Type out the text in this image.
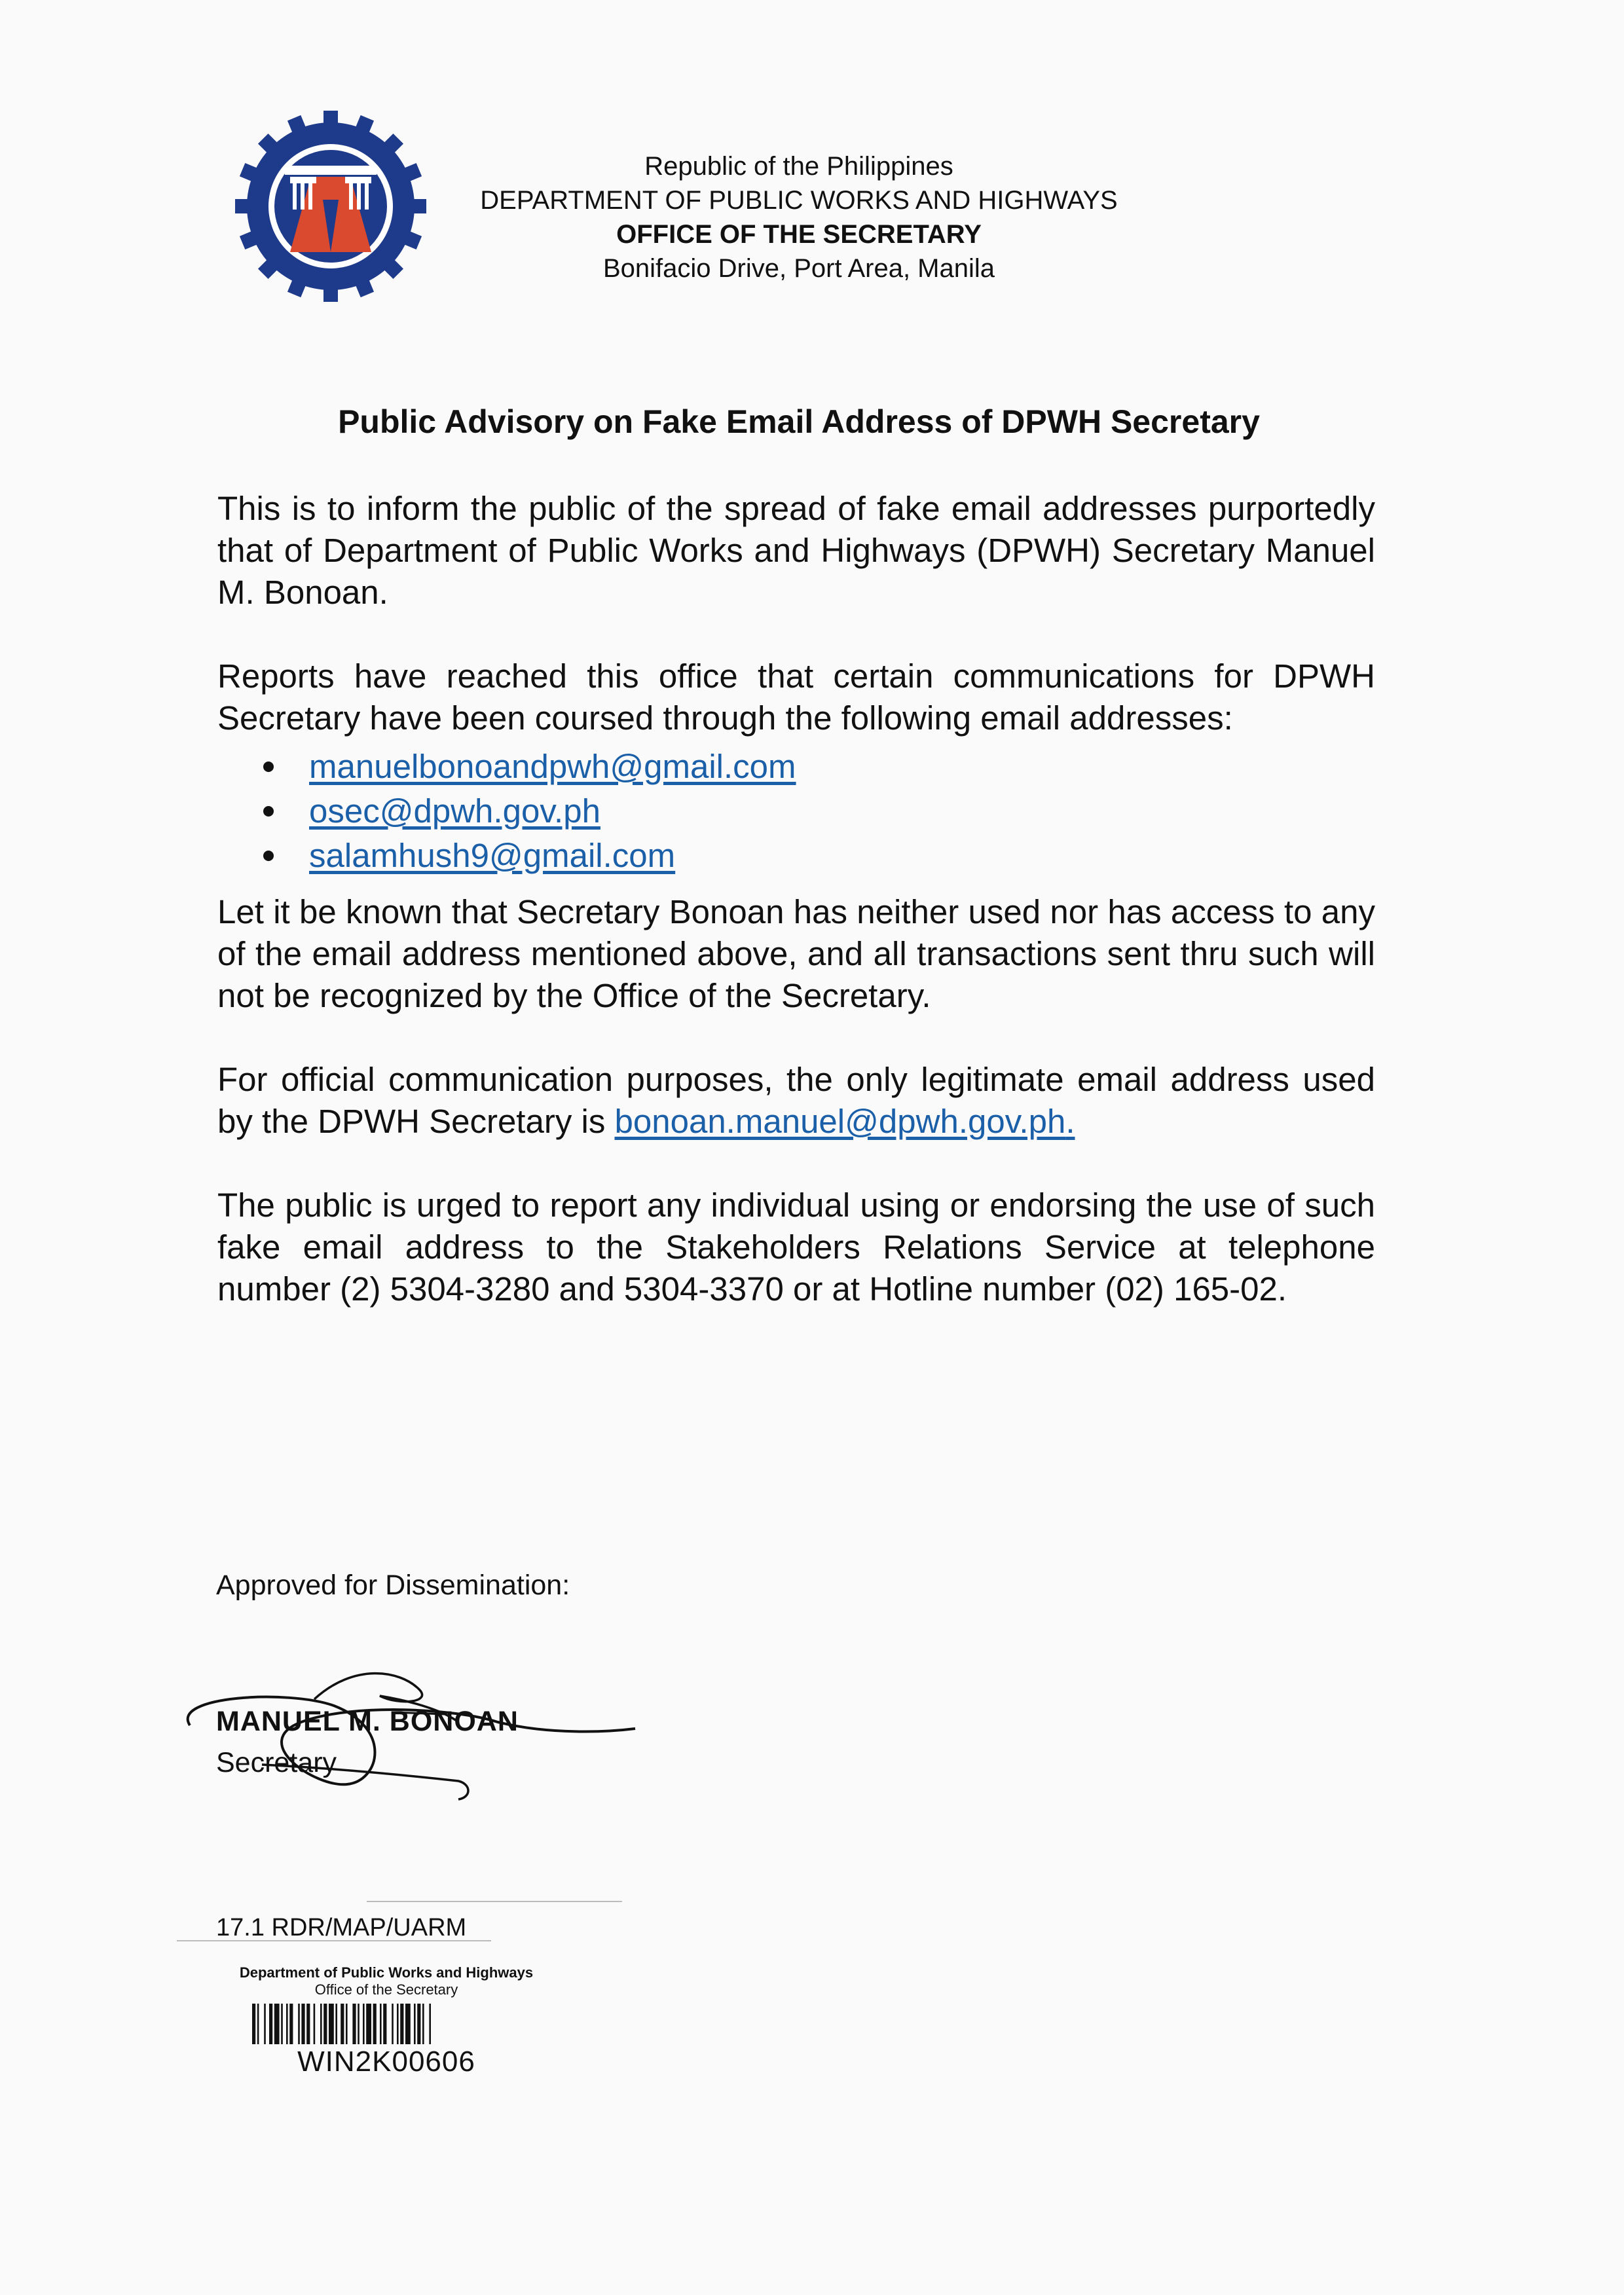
Republic of the Philippines
DEPARTMENT OF PUBLIC WORKS AND HIGHWAYS
OFFICE OF THE SECRETARY
Bonifacio Drive, Port Area, Manila
Public Advisory on Fake Email Address of DPWH Secretary

This is to inform the public of the spread of fake email addresses purportedly that of Department of Public Works and Highways (DPWH) Secretary Manuel M. Bonoan.

Reports have reached this office that certain communications for DPWH Secretary have been coursed through the following email addresses:

manuelbonoandpwh@gmail.com
osec@dpwh.gov.ph
salamhush9@gmail.com

Let it be known that Secretary Bonoan has neither used nor has access to any of the email address mentioned above, and all transactions sent thru such will not be recognized by the Office of the Secretary.

For official communication purposes, the only legitimate email address used by the DPWH Secretary is bonoan.manuel@dpwh.gov.ph.

The public is urged to report any individual using or endorsing the use of such fake email address to the Stakeholders Relations Service at telephone number (2) 5304-3280 and 5304-3370 or at Hotline number (02) 165-02.

Approved for Dissemination:
MANUEL M. BONOAN
Secretary
17.1 RDR/MAP/UARM
Department of Public Works and Highways
Office of the Secretary
WIN2K00606
